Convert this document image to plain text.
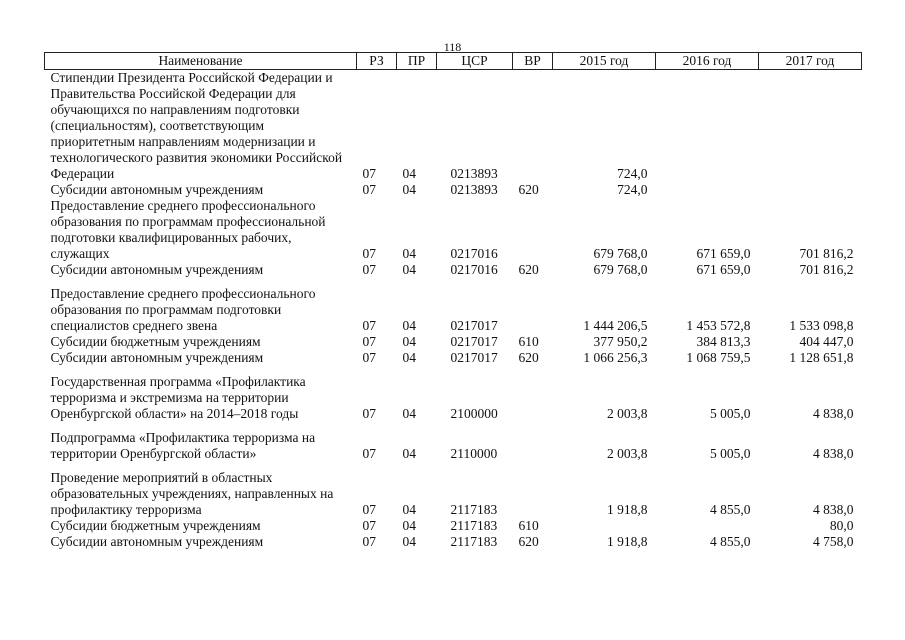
118
Наименование	РЗ	ПР	ЦСР	ВР	2015 год	2016 год	2017 год
Стипендии Президента Российской Федерации и Правительства Российской Федерации для обучающихся по направлениям подготовки (специальностям), соответствующим приоритетным направлениям модернизации и технологического развития экономики Российской Федерации	07	04	0213893		724,0		
Субсидии автономным учреждениям	07	04	0213893	620	724,0		
Предоставление среднего профессионального образования по программам профессиональной подготовки квалифицированных рабочих, служащих	07	04	0217016		679 768,0	671 659,0	701 816,2
Субсидии автономным учреждениям	07	04	0217016	620	679 768,0	671 659,0	701 816,2
Предоставление среднего профессионального образования по программам подготовки специалистов среднего звена	07	04	0217017		1 444 206,5	1 453 572,8	1 533 098,8
Субсидии бюджетным учреждениям	07	04	0217017	610	377 950,2	384 813,3	404 447,0
Субсидии автономным учреждениям	07	04	0217017	620	1 066 256,3	1 068 759,5	1 128 651,8
Государственная программа «Профилактика терроризма и экстремизма на территории Оренбургской области» на 2014–2018 годы	07	04	2100000		2 003,8	5 005,0	4 838,0
Подпрограмма «Профилактика терроризма на территории Оренбургской области»	07	04	2110000		2 003,8	5 005,0	4 838,0
Проведение мероприятий в областных образовательных учреждениях, направленных на профилактику терроризма	07	04	2117183		1 918,8	4 855,0	4 838,0
Субсидии бюджетным учреждениям	07	04	2117183	610			80,0
Субсидии автономным учреждениям	07	04	2117183	620	1 918,8	4 855,0	4 758,0
